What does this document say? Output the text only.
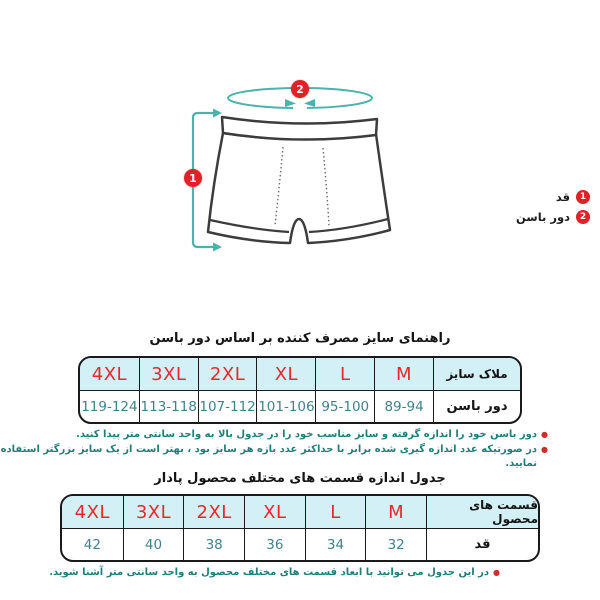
2
1
قد	1
دور باسن	2
راهنمای سایز مصرف کننده بر اساس دور باسن
4XL	3XL	2XL	XL	L	M	ملاک سایز
119-124 113-118 107-112 101-106 95-100	89-94	دور باسن
●
دور باسن خود را اندازه گرفته و سایز مناسب خود را در جدول بالا به واحد سانتی متر پیدا کنید.
●
در صورتیکه عدد اندازه گیری شده برابر با حداکثر عدد بازه هر سایز بود ، بهتر است از یک سایز بزرگتر استفاده نمایید.
جدول اندازه قسمت های مختلف محصول پادار
4XL	3XL	2XL	XL	L	M	قسمت های محصول
42	40	38	36	34	32	قد
●
در این جدول می توانید با ابعاد قسمت های مختلف محصول به واحد سانتی متر آشنا شوید.
